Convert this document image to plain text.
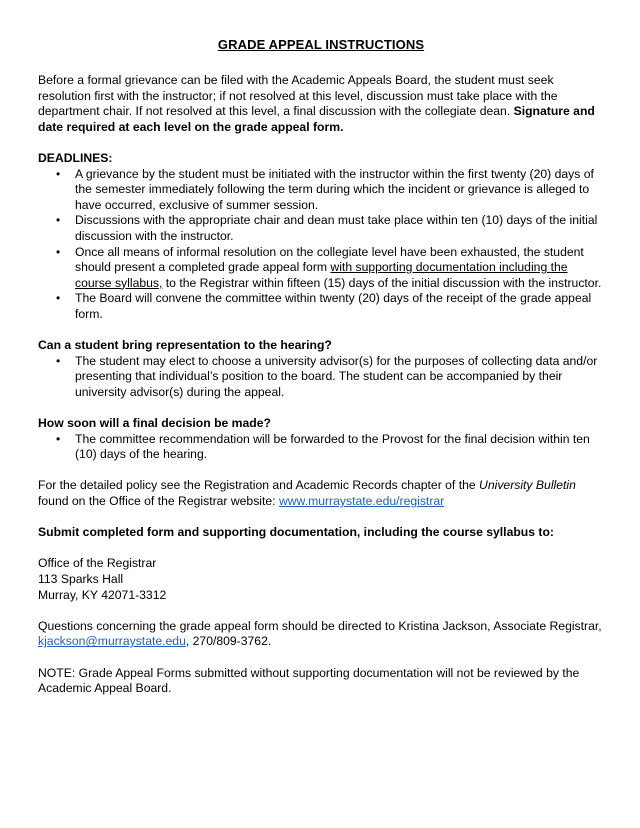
GRADE APPEAL INSTRUCTIONS

Before a formal grievance can be filed with the Academic Appeals Board, the student must seek resolution first with the instructor; if not resolved at this level, discussion must take place with the department chair. If not resolved at this level, a final discussion with the collegiate dean. Signature and date required at each level on the grade appeal form.

DEADLINES:

• A grievance by the student must be initiated with the instructor within the first twenty (20) days of the semester immediately following the term during which the incident or grievance is alleged to have occurred, exclusive of summer session.
• Discussions with the appropriate chair and dean must take place within ten (10) days of the initial discussion with the instructor.
• Once all means of informal resolution on the collegiate level have been exhausted, the student should present a completed grade appeal form with supporting documentation including the course syllabus, to the Registrar within fifteen (15) days of the initial discussion with the instructor.
• The Board will convene the committee within twenty (20) days of the receipt of the grade appeal form.

Can a student bring representation to the hearing?

• The student may elect to choose a university advisor(s) for the purposes of collecting data and/or presenting that individual’s position to the board. The student can be accompanied by their university advisor(s) during the appeal.

How soon will a final decision be made?

• The committee recommendation will be forwarded to the Provost for the final decision within ten (10) days of the hearing.

For the detailed policy see the Registration and Academic Records chapter of the University Bulletin found on the Office of the Registrar website: www.murraystate.edu/registrar

Submit completed form and supporting documentation, including the course syllabus to:

Office of the Registrar

113 Sparks Hall

Murray, KY 42071-3312

Questions concerning the grade appeal form should be directed to Kristina Jackson, Associate Registrar, kjackson@murraystate.edu, 270/809-3762.

NOTE: Grade Appeal Forms submitted without supporting documentation will not be reviewed by the Academic Appeal Board.
